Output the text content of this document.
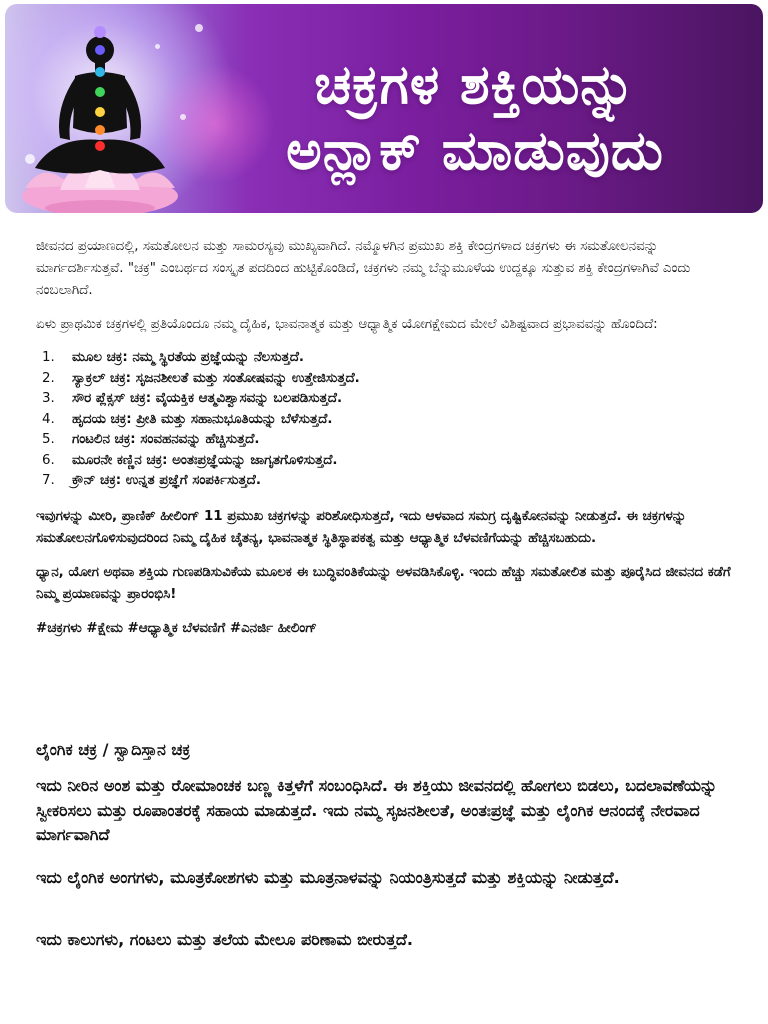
ಚಕ್ರಗಳ ಶಕ್ತಿಯನ್ನು
ಅನ್ಲಾಕ್ ಮಾಡುವುದು

ಜೀವನದ ಪ್ರಯಾಣದಲ್ಲಿ, ಸಮತೋಲನ ಮತ್ತು ಸಾಮರಸ್ಯವು ಮುಖ್ಯವಾಗಿದೆ. ನಮ್ಮೊಳಗಿನ ಪ್ರಮುಖ ಶಕ್ತಿ ಕೇಂದ್ರಗಳಾದ ಚಕ್ರಗಳು ಈ ಸಮತೋಲನವನ್ನು ಮಾರ್ಗದರ್ಶಿಸುತ್ತವೆ. "ಚಕ್ರ" ಎಂಬರ್ಥದ ಸಂಸ್ಕೃತ ಪದದಿಂದ ಹುಟ್ಟಿಕೊಂಡಿದೆ, ಚಕ್ರಗಳು ನಮ್ಮ ಬೆನ್ನುಮೂಳೆಯ ಉದ್ದಕ್ಕೂ ಸುತ್ತುವ ಶಕ್ತಿ ಕೇಂದ್ರಗಳಾಗಿವೆ ಎಂದು ನಂಬಲಾಗಿದೆ.

ಏಳು ಪ್ರಾಥಮಿಕ ಚಕ್ರಗಳಲ್ಲಿ ಪ್ರತಿಯೊಂದೂ ನಮ್ಮ ದೈಹಿಕ, ಭಾವನಾತ್ಮಕ ಮತ್ತು ಆಧ್ಯಾತ್ಮಿಕ ಯೋಗಕ್ಷೇಮದ ಮೇಲೆ ವಿಶಿಷ್ಟವಾದ ಪ್ರಭಾವವನ್ನು ಹೊಂದಿದೆ:

1.	ಮೂಲ ಚಕ್ರ: ನಮ್ಮ ಸ್ಥಿರತೆಯ ಪ್ರಜ್ಞೆಯನ್ನು ನೆಲಸುತ್ತದೆ.
2.	ಸ್ಯಾಕ್ರಲ್ ಚಕ್ರ: ಸೃಜನಶೀಲತೆ ಮತ್ತು ಸಂತೋಷವನ್ನು ಉತ್ತೇಜಿಸುತ್ತದೆ.
3.	ಸೌರ ಪ್ಲೆಕ್ಸಸ್ ಚಕ್ರ: ವೈಯಕ್ತಿಕ ಆತ್ಮವಿಶ್ವಾಸವನ್ನು ಬಲಪಡಿಸುತ್ತದೆ.
4.	ಹೃದಯ ಚಕ್ರ: ಪ್ರೀತಿ ಮತ್ತು ಸಹಾನುಭೂತಿಯನ್ನು ಬೆಳೆಸುತ್ತದೆ.
5.	ಗಂಟಲಿನ ಚಕ್ರ: ಸಂವಹನವನ್ನು ಹೆಚ್ಚಿಸುತ್ತದೆ.
6.	ಮೂರನೇ ಕಣ್ಣಿನ ಚಕ್ರ: ಅಂತಃಪ್ರಜ್ಞೆಯನ್ನು ಜಾಗೃತಗೊಳಿಸುತ್ತದೆ.
7.	ಕ್ರೌನ್ ಚಕ್ರ: ಉನ್ನತ ಪ್ರಜ್ಞೆಗೆ ಸಂಪರ್ಕಿಸುತ್ತದೆ.

ಇವುಗಳನ್ನು ಮೀರಿ, ಪ್ರಾಣಿಕ್ ಹೀಲಿಂಗ್ 11 ಪ್ರಮುಖ ಚಕ್ರಗಳನ್ನು ಪರಿಶೋಧಿಸುತ್ತದೆ, ಇದು ಆಳವಾದ ಸಮಗ್ರ ದೃಷ್ಟಿಕೋನವನ್ನು ನೀಡುತ್ತದೆ. ಈ ಚಕ್ರಗಳನ್ನು ಸಮತೋಲನಗೊಳಿಸುವುದರಿಂದ ನಿಮ್ಮ ದೈಹಿಕ ಚೈತನ್ಯ, ಭಾವನಾತ್ಮಕ ಸ್ಥಿತಿಸ್ಥಾಪಕತ್ವ ಮತ್ತು ಆಧ್ಯಾತ್ಮಿಕ ಬೆಳವಣಿಗೆಯನ್ನು ಹೆಚ್ಚಿಸಬಹುದು.

ಧ್ಯಾನ, ಯೋಗ ಅಥವಾ ಶಕ್ತಿಯ ಗುಣಪಡಿಸುವಿಕೆಯ ಮೂಲಕ ಈ ಬುದ್ಧಿವಂತಿಕೆಯನ್ನು ಅಳವಡಿಸಿಕೊಳ್ಳಿ. ಇಂದು ಹೆಚ್ಚು ಸಮತೋಲಿತ ಮತ್ತು ಪೂರೈಸಿದ ಜೀವನದ ಕಡೆಗೆ ನಿಮ್ಮ ಪ್ರಯಾಣವನ್ನು ಪ್ರಾರಂಭಿಸಿ!

#ಚಕ್ರಗಳು #ಕ್ಷೇಮ #ಆಧ್ಯಾತ್ಮಿಕ ಬೆಳವಣಿಗೆ #ಎನರ್ಜಿ ಹೀಲಿಂಗ್
ಲೈಂಗಿಕ ಚಕ್ರ / ಸ್ವಾದಿಸ್ತಾನ ಚಕ್ರ
ಇದು ನೀರಿನ ಅಂಶ ಮತ್ತು ರೋಮಾಂಚಕ ಬಣ್ಣ ಕಿತ್ತಳೆಗೆ ಸಂಬಂಧಿಸಿದೆ. ಈ ಶಕ್ತಿಯು ಜೀವನದಲ್ಲಿ ಹೋಗಲು ಬಿಡಲು, ಬದಲಾವಣೆಯನ್ನು ಸ್ವೀಕರಿಸಲು ಮತ್ತು ರೂಪಾಂತರಕ್ಕೆ ಸಹಾಯ ಮಾಡುತ್ತದೆ. ಇದು ನಮ್ಮ ಸೃಜನಶೀಲತೆ, ಅಂತಃಪ್ರಜ್ಞೆ ಮತ್ತು ಲೈಂಗಿಕ ಆನಂದಕ್ಕೆ ನೇರವಾದ ಮಾರ್ಗವಾಗಿದೆ
ಇದು ಲೈಂಗಿಕ ಅಂಗಗಳು, ಮೂತ್ರಕೋಶಗಳು ಮತ್ತು ಮೂತ್ರನಾಳವನ್ನು ನಿಯಂತ್ರಿಸುತ್ತದೆ ಮತ್ತು ಶಕ್ತಿಯನ್ನು ನೀಡುತ್ತದೆ.
ಇದು ಕಾಲುಗಳು, ಗಂಟಲು ಮತ್ತು ತಲೆಯ ಮೇಲೂ ಪರಿಣಾಮ ಬೀರುತ್ತದೆ.
